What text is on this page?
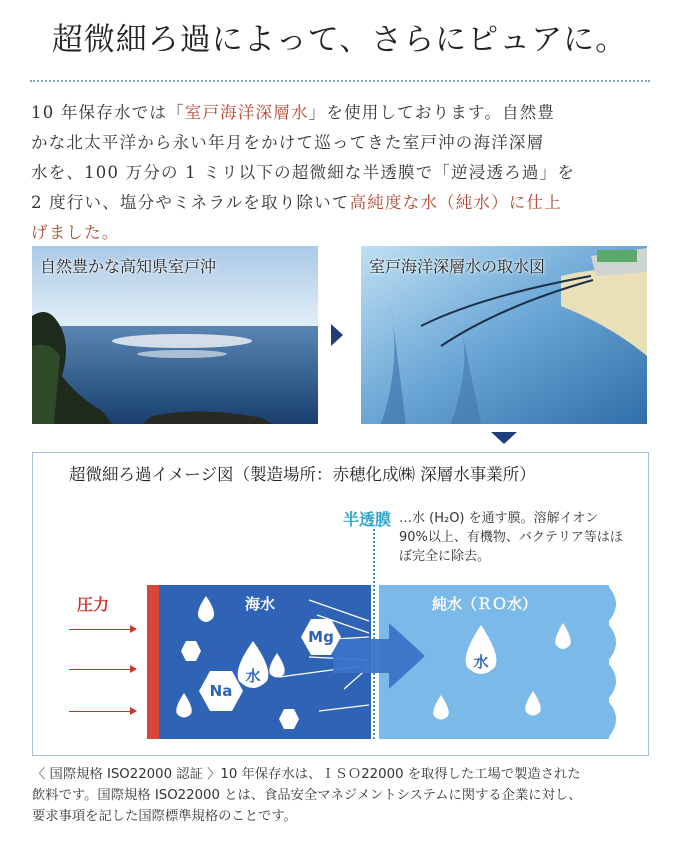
超微細ろ過によって、さらにピュアに。
10 年保存水では「室戸海洋深層水」を使用しております。自然豊
かな北太平洋から永い年月をかけて巡ってきた室戸沖の海洋深層
水を、100 万分の 1 ミリ以下の超微細な半透膜で「逆浸透ろ過」を
2 度行い、塩分やミネラルを取り除いて高純度な水（純水）に仕上
げました。
自然豊かな高知県室戸沖	室戸海洋深層水の取水図
超微細ろ過イメージ図（製造場所：赤穂化成㈱ 深層水事業所）
半透膜 …水 (H₂O) を通す膜。溶解イオン 90%以上、有機物、バクテリア等はほぼ完全に除去。
圧力	海水	純水（ＲＯ水）
水
Mg
Na
水
〈 国際規格 ISO22000 認証 〉10 年保存水は、ＩＳＯ22000 を取得した工場で製造された
飲料です。国際規格 ISO22000 とは、食品安全マネジメントシステムに関する企業に対し、
要求事項を記した国際標準規格のことです。
